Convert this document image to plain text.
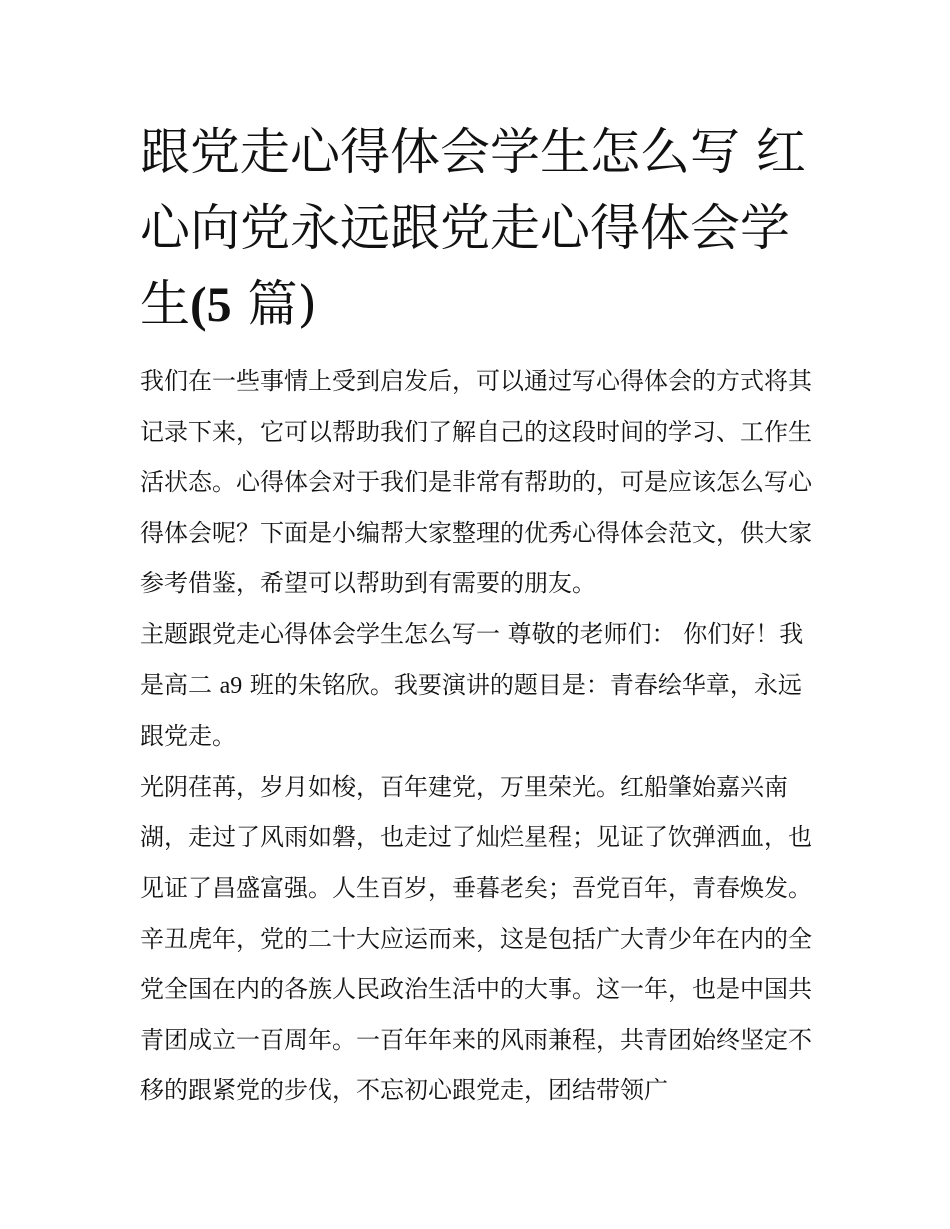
跟党走心得体会学生怎么写 红心向党永远跟党走心得体会学生(5 篇)

我们在一些事情上受到启发后，可以通过写心得体会的方式将其记录下来，它可以帮助我们了解自己的这段时间的学习、工作生活状态。心得体会对于我们是非常有帮助的，可是应该怎么写心得体会呢？下面是小编帮大家整理的优秀心得体会范文，供大家参考借鉴，希望可以帮助到有需要的朋友。

主题跟党走心得体会学生怎么写一 尊敬的老师们： 你们好！我是高二 a9 班的朱铭欣。我要演讲的题目是：青春绘华章，永远跟党走。

光阴荏苒，岁月如梭，百年建党，万里荣光。红船肇始嘉兴南湖，走过了风雨如磐，也走过了灿烂星程；见证了饮弹洒血，也见证了昌盛富强。人生百岁，垂暮老矣；吾党百年，青春焕发。辛丑虎年，党的二十大应运而来，这是包括广大青少年在内的全党全国在内的各族人民政治生活中的大事。这一年，也是中国共青团成立一百周年。一百年年来的风雨兼程，共青团始终坚定不移的跟紧党的步伐，不忘初心跟党走，团结带领广
